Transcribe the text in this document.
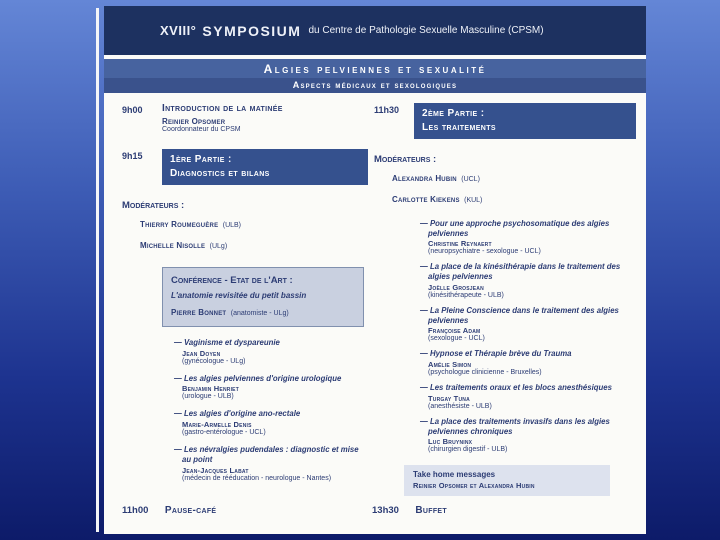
XVIII° SYMPOSIUM du Centre de Pathologie Sexuelle Masculine (CPSM)
Algies pelviennes et sexualité
Aspects médicaux et sexologiques
9h00	Introduction de la matinée
Reinier Opsomer
Coordonnateur du CPSM
9h15	1ère Partie :
Diagnostics et bilans
Modérateurs :
Thierry Roumeguère (ULB)
Michelle Nisolle (ULg)
Conférence - Etat de l'Art :
L'anatomie revisitée du petit bassin
Pierre Bonnet (anatomiste - ULg)
— Vaginisme et dyspareunie
Jean Doyen
(gynécologue - ULg)
— Les algies pelviennes d'origine urologique
Benjamin Henriet
(urologue - ULB)
— Les algies d'origine ano-rectale
Marie-Armelle Denis
(gastro-entérologue - UCL)
— Les névralgies pudendales : diagnostic et mise au point
Jean-Jacques Labat
(médecin de rééducation - neurologue - Nantes)
11h30	2ème Partie :
Les traitements
Modérateurs :
Alexandra Hubin (UCL)
Carlotte Kiekens (KUL)
— Pour une approche psychosomatique des algies pelviennes
Christine Reynaert
(neuropsychiatre - sexologue - UCL)
— La place de la kinésithérapie dans le traitement des algies pelviennes
Joëlle Grosjean
(kinésithérapeute - ULB)
— La Pleine Conscience dans le traitement des algies pelviennes
Françoise Adam
(sexologue - UCL)
— Hypnose et Thérapie brève du Trauma
Amélie Simon
(psychologue clinicienne - Bruxelles)
— Les traitements oraux et les blocs anesthésiques
Turgay Tuna
(anesthésiste - ULB)
— La place des traitements invasifs dans les algies pelviennes chroniques
Luc Bruyninx
(chirurgien digestif - ULB)
Take home messages
Reinier Opsomer et Alexandra Hubin
11h00 Pause-café	13h30 Buffet
